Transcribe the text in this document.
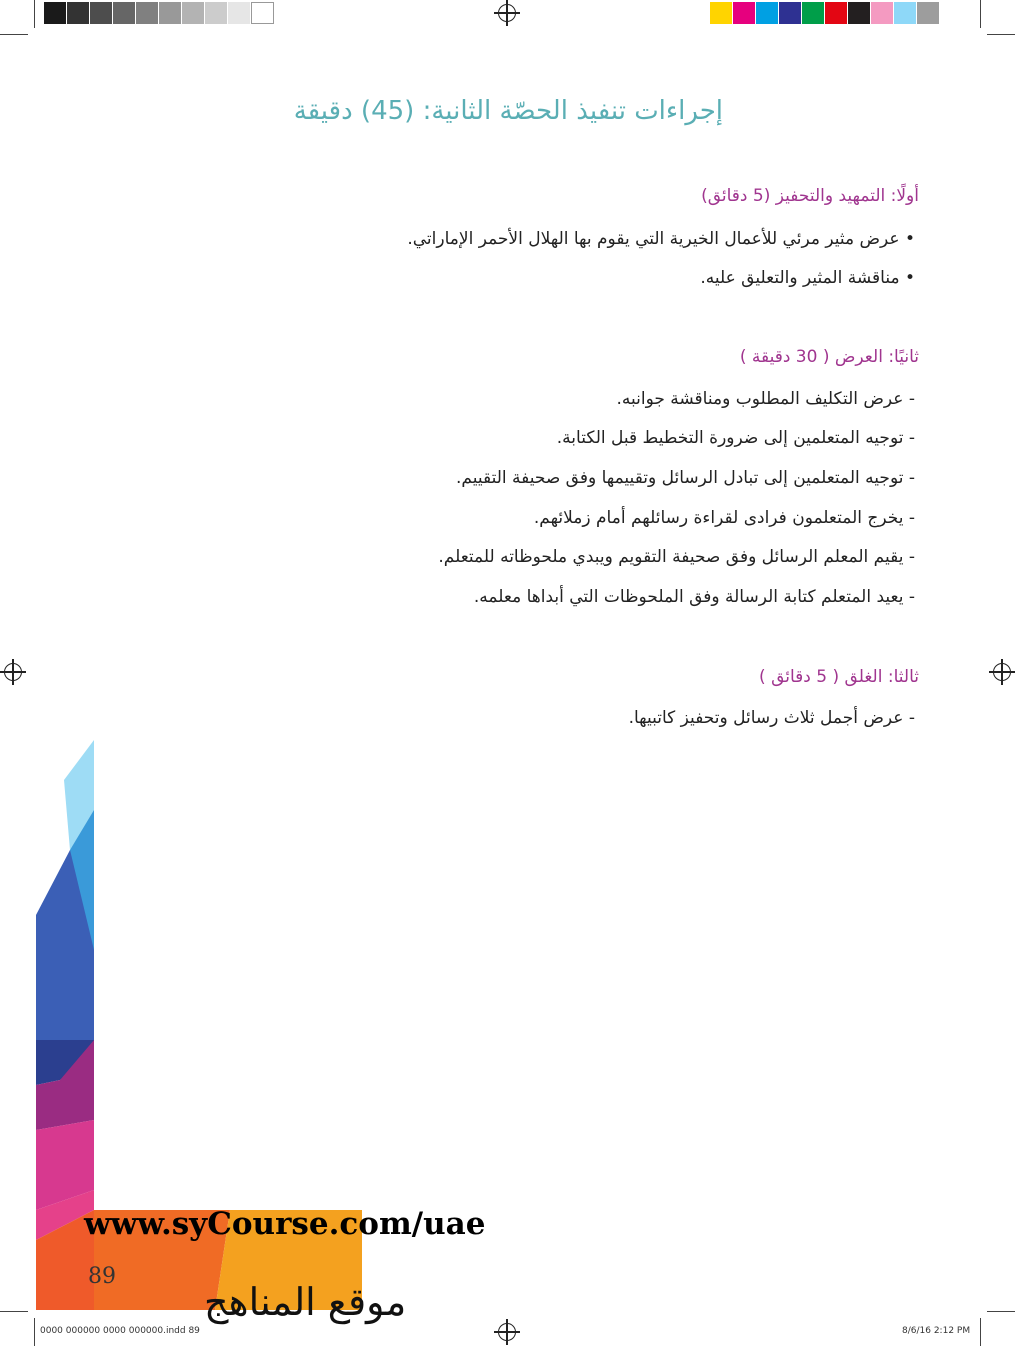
إجراءات تنفيذ الحصّة الثانية: (45) دقيقة
أولًا: التمهيد والتحفيز (5 دقائق)
• عرض مثير مرئي للأعمال الخيرية التي يقوم بها الهلال الأحمر الإماراتي.
• مناقشة المثير والتعليق عليه.
ثانيًا: العرض ( 30 دقيقة )
- عرض التكليف المطلوب ومناقشة جوانبه.
- توجيه المتعلمين إلى ضرورة التخطيط قبل الكتابة.
- توجيه المتعلمين إلى تبادل الرسائل وتقييمها وفق صحيفة التقييم.
- يخرج المتعلمون فرادى لقراءة رسائلهم أمام زملائهم.
- يقيم المعلم الرسائل وفق صحيفة التقويم ويبدي ملحوظاته للمتعلم.
- يعيد المتعلم كتابة الرسالة وفق الملحوظات التي أبداها معلمه.
ثالثا: الغلق ( 5 دقائق )
- عرض أجمل ثلاث رسائل وتحفيز كاتبيها.
www.syCourse.com/uae
89
موقع المناهج
0000 000000 0000 000000.indd 89	8/6/16 2:12 PM
